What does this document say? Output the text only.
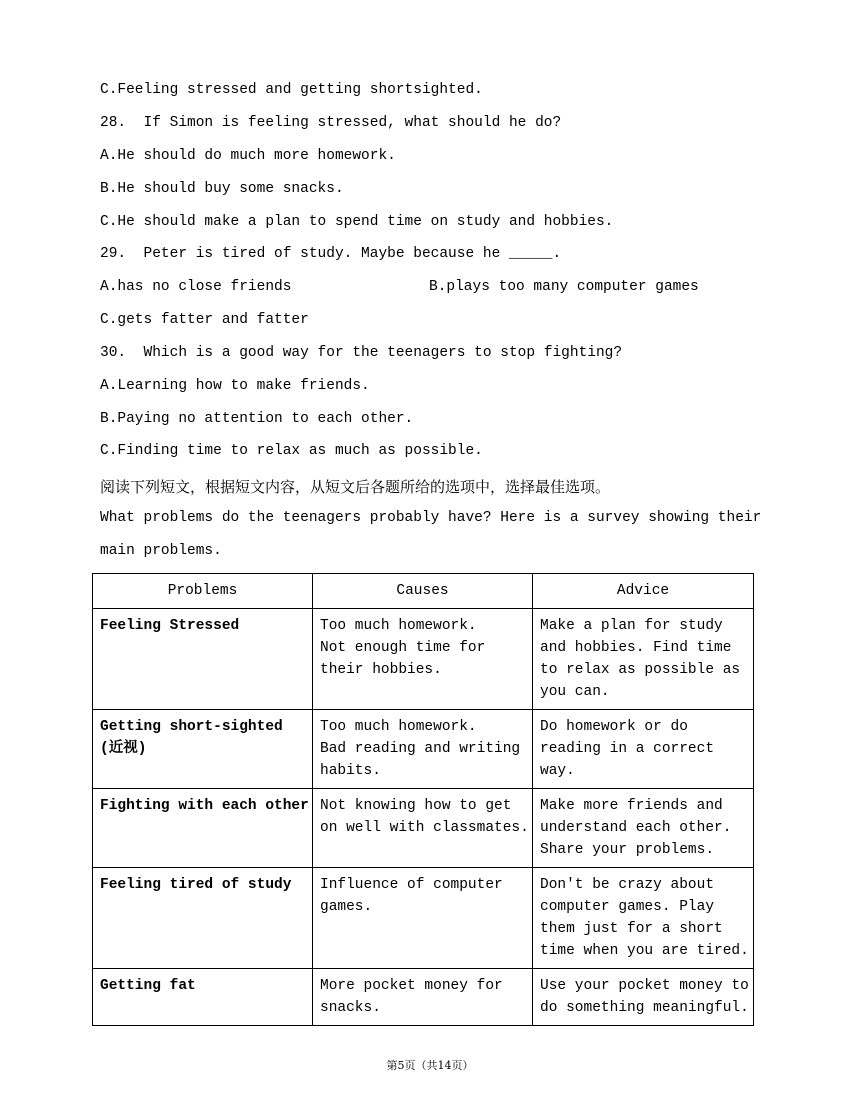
C.Feeling stressed and getting shortsighted.
28.  If Simon is feeling stressed, what should he do?
A.He should do much more homework.
B.He should buy some snacks.
C.He should make a plan to spend time on study and hobbies.
29.  Peter is tired of study. Maybe because he _____.
A.has no close friends	B.plays too many computer games
C.gets fatter and fatter
30.  Which is a good way for the teenagers to stop fighting?
A.Learning how to make friends.
B.Paying no attention to each other.
C.Finding time to relax as much as possible.
阅读下列短文，根据短文内容，从短文后各题所给的选项中，选择最佳选项。
What problems do the teenagers probably have? Here is a survey showing their
main problems.
Problems	Causes	Advice

Feeling Stressed	Too much homework.
Not enough time for
their hobbies.	Make a plan for study
and hobbies. Find time
to relax as possible as
you can.

Getting short-sighted
(近视)	Too much homework.
Bad reading and writing
habits.	Do homework or do
reading in a correct
way.

Fighting with each other	Not knowing how to get
on well with classmates.	Make more friends and
understand each other.
Share your problems.

Feeling tired of study	Influence of computer
games.	Don't be crazy about
computer games. Play
them just for a short
time when you are tired.

Getting fat	More pocket money for
snacks.	Use your pocket money to
do something meaningful.
第5页（共14页）
